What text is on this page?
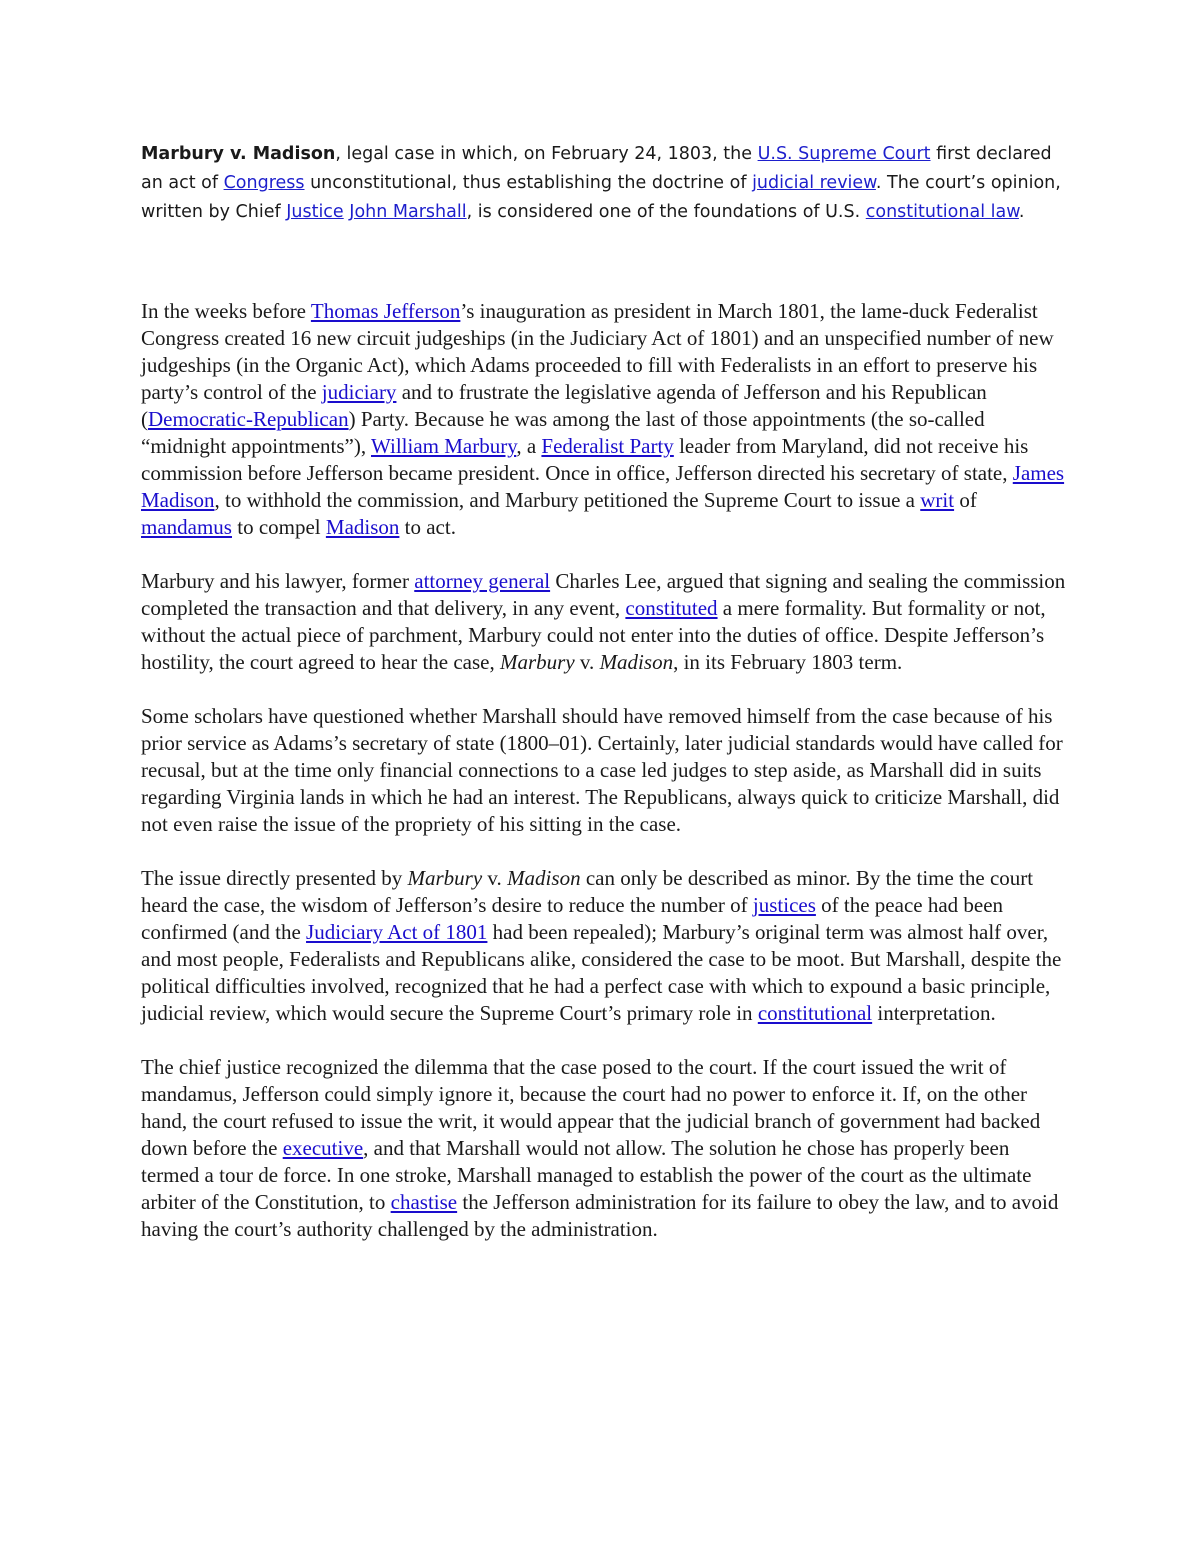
Marbury v. Madison, legal case in which, on February 24, 1803, the U.S. Supreme Court first declared an act of Congress unconstitutional, thus establishing the doctrine of judicial review. The court’s opinion, written by Chief Justice John Marshall, is considered one of the foundations of U.S. constitutional law.

In the weeks before Thomas Jefferson’s inauguration as president in March 1801, the lame-duck Federalist Congress created 16 new circuit judgeships (in the Judiciary Act of 1801) and an unspecified number of new judgeships (in the Organic Act), which Adams proceeded to fill with Federalists in an effort to preserve his party’s control of the judiciary and to frustrate the legislative agenda of Jefferson and his Republican (Democratic-Republican) Party. Because he was among the last of those appointments (the so-called “midnight appointments”), William Marbury, a Federalist Party leader from Maryland, did not receive his commission before Jefferson became president. Once in office, Jefferson directed his secretary of state, James Madison, to withhold the commission, and Marbury petitioned the Supreme Court to issue a writ of mandamus to compel Madison to act.

Marbury and his lawyer, former attorney general Charles Lee, argued that signing and sealing the commission completed the transaction and that delivery, in any event, constituted a mere formality. But formality or not, without the actual piece of parchment, Marbury could not enter into the duties of office. Despite Jefferson’s hostility, the court agreed to hear the case, Marbury v. Madison, in its February 1803 term.

Some scholars have questioned whether Marshall should have removed himself from the case because of his prior service as Adams’s secretary of state (1800–01). Certainly, later judicial standards would have called for recusal, but at the time only financial connections to a case led judges to step aside, as Marshall did in suits regarding Virginia lands in which he had an interest. The Republicans, always quick to criticize Marshall, did not even raise the issue of the propriety of his sitting in the case.

The issue directly presented by Marbury v. Madison can only be described as minor. By the time the court heard the case, the wisdom of Jefferson’s desire to reduce the number of justices of the peace had been confirmed (and the Judiciary Act of 1801 had been repealed); Marbury’s original term was almost half over, and most people, Federalists and Republicans alike, considered the case to be moot. But Marshall, despite the political difficulties involved, recognized that he had a perfect case with which to expound a basic principle, judicial review, which would secure the Supreme Court’s primary role in constitutional interpretation.

The chief justice recognized the dilemma that the case posed to the court. If the court issued the writ of mandamus, Jefferson could simply ignore it, because the court had no power to enforce it. If, on the other hand, the court refused to issue the writ, it would appear that the judicial branch of government had backed down before the executive, and that Marshall would not allow. The solution he chose has properly been termed a tour de force. In one stroke, Marshall managed to establish the power of the court as the ultimate arbiter of the Constitution, to chastise the Jefferson administration for its failure to obey the law, and to avoid having the court’s authority challenged by the administration.
